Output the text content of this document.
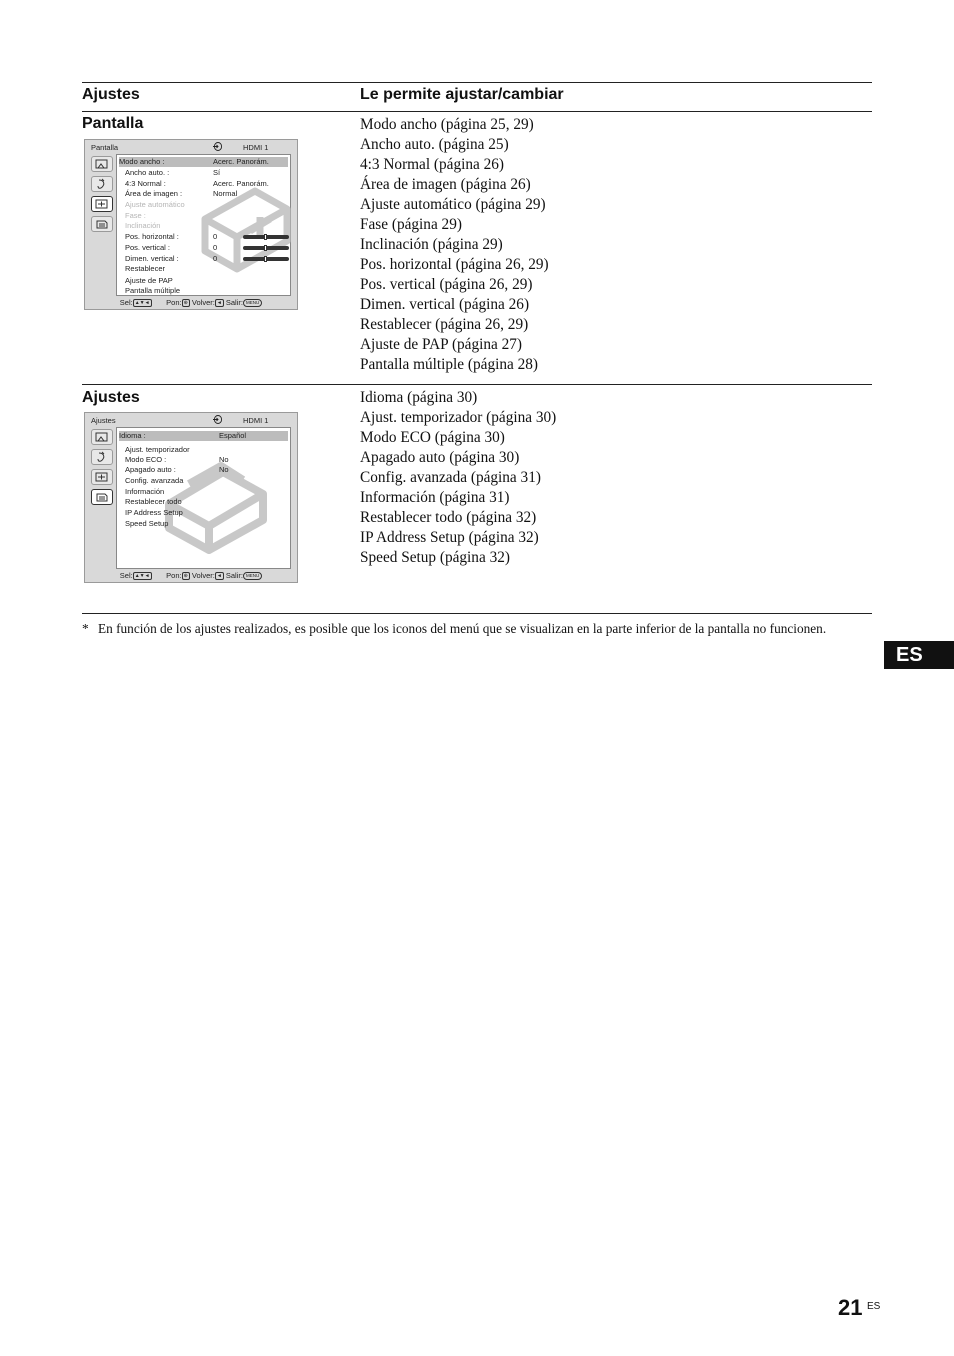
Ajustes	Le permite ajustar/cambiar
Pantalla	Modo ancho (página 25, 29)
Ancho auto. (página 25)
4:3 Normal (página 26)
Área de imagen (página 26)
Ajuste automático (página 29)
Fase (página 29)
Inclinación (página 29)
Pos. horizontal (página 26, 29)
Pos. vertical (página 26, 29)
Dimen. vertical (página 26)
Restablecer (página 26, 29)
Ajuste de PAP (página 27)
Pantalla múltiple (página 28)
Pantalla	HDMI 1
Modo ancho :	Acerc. Panorám.
Ancho auto. :	Sí
4:3 Normal :	Acerc. Panorám.
Área de imagen :	Normal
Ajuste automático
Fase :
Inclinación
Pos. horizontal :	0
Pos. vertical :	0
Dimen. vertical :	0
Restablecer
Ajuste de PAP
Pantalla múltiple
Sel: ▲▼◄ Pon: ⊕ Volver: ◄ Salir: MENU
Ajustes	Idioma (página 30)
Ajust. temporizador (página 30)
Modo ECO (página 30)
Apagado auto (página 30)
Config. avanzada (página 31)
Información (página 31)
Restablecer todo (página 32)
IP Address Setup (página 32)
Speed Setup (página 32)
Ajustes	HDMI 1
Idioma :	Español
Ajust. temporizador
Modo ECO :	No
Apagado auto :	No
Config. avanzada
Información
Restablecer todo
IP Address Setup
Speed Setup
Sel: ▲▼◄ Pon: ⊕ Volver: ◄ Salir: MENU
* En función de los ajustes realizados, es posible que los iconos del menú que se visualizan en la parte inferior de la pantalla no funcionen.
ES
21 ES
